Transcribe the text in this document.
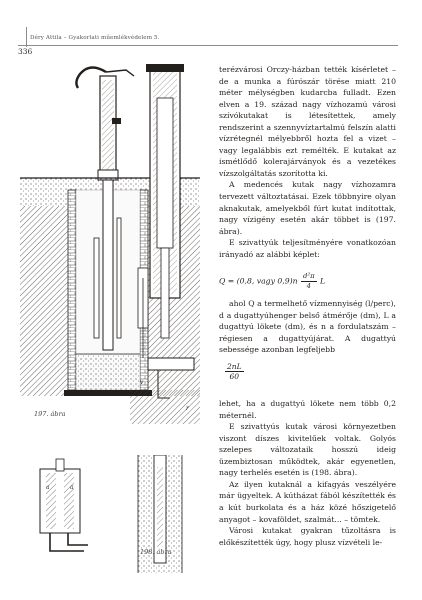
Déry Attila – Gyakorlati műemlékvédelem 5.
336
197. ábra
v
r
a	a
198. ábra

terézvárosi Orczy-házban tették kísérletet – de a munka a fúrószár törése miatt 210 méter mélységben kudarcba fulladt. Ezen elven a 19. század nagy vízhozamú városi szívókutakat is létesítettek, amely rendszerint a szennyvíztartalmú felszín alatti vízrétegnél mélyebbről hozta fel a vizet – vagy legalábbis ezt remélték. E kutakat az ismétlődő kolerajárványok és a vezetékes vízszolgáltatás szorította ki.

A medencés kutak nagy vízhozamra tervezett változtatásai. Ezek többnyire olyan aknakutak, amelyekből fúrt kutat indítottak, nagy vízigény esetén akár többet is (197. ábra).

E szivattyúk teljesítményére vonatkozóan irányadó az alábbi képlet:

Q = (0,8, vagy $0,9)n \frac{\text{d²π}}{4}$ L

ahol Q a termelhető vízmennyiség (l/perc), d a dugattyúhenger belső átmérője (dm), L a dugattyú lökete (dm), és n a fordulatszám – régiesen a dugattyújárat. A dugattyú sebessége azonban legfeljebb

$\frac{2nL}{60}$

lehet, ha a dugattyú lökete nem több 0,2 méternél.

E szivattyús kutak városi környezetben viszont díszes kivitelűek voltak. Golyós szelepes változataik hosszú ideig üzembiztosan működtek, akár egyenetlen, nagy terhelés esetén is (198. ábra).

Az ilyen kutaknál a kifagyás veszélyére már ügyeltek. A kútházat fából készítették és a kút burkolata és a ház közé hőszigetelő anyagot – kovaföldet, szalmát... – tömtek.

Városi kutakat gyakran tűzoltásra is előkészítették úgy, hogy plusz vízvételi le-
